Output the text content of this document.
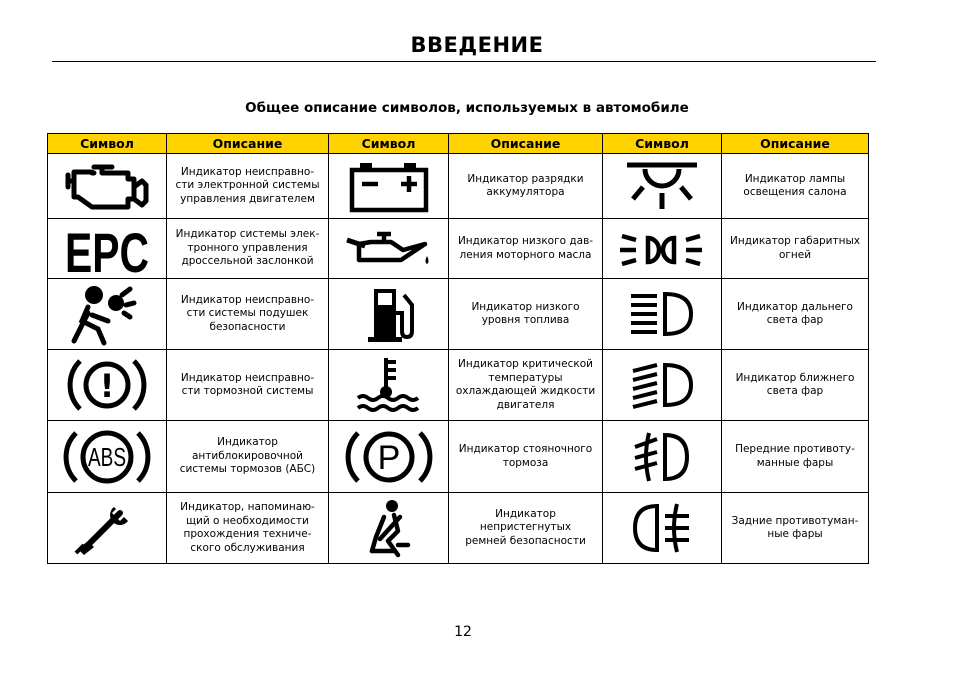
ВВЕДЕНИЕ
Общее описание символов, используемых в автомобиле
Символ	Описание	Символ	Описание	Символ	Описание

	Индикатор неисправно-
сти электронной системы
управления двигателем		Индикатор разрядки
аккумулятора		Индикатор лампы
освещения салона

EPC	Индикатор системы элек-
тронного управления
дроссельной заслонкой		Индикатор низкого дав-
ления моторного масла		Индикатор габаритных
огней

	Индикатор неисправно-
сти системы подушек
безопасности		Индикатор низкого
уровня топлива		Индикатор дальнего
света фар

!	Индикатор неисправно-
сти тормозной системы		Индикатор критической
температуры
охлаждающей жидкости
двигателя		Индикатор ближнего
света фар

ABS	Индикатор
антиблокировочной
системы тормозов (АБС)	P	Индикатор стояночного
тормоза		Передние противоту-
манные фары

	Индикатор, напоминаю-
щий о необходимости
прохождения техниче-
ского обслуживания		Индикатор
непристегнутых
ремней безопасности		Задние противотуман-
ные фары
12
